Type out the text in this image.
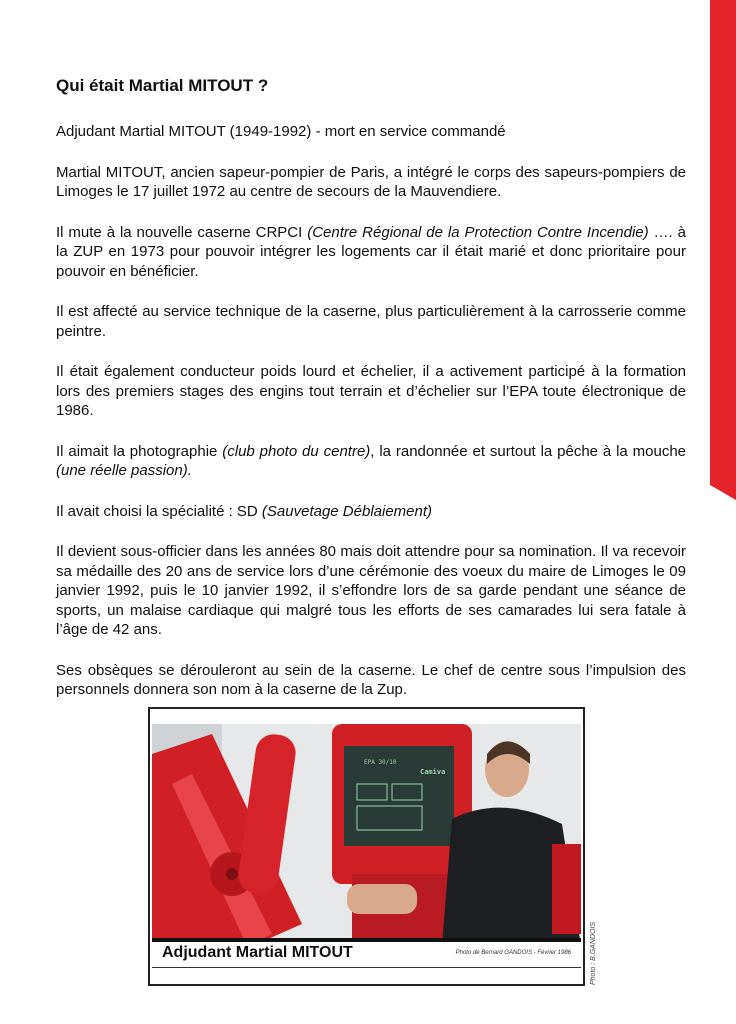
Qui était Martial MITOUT ?

Adjudant Martial MITOUT (1949-1992) - mort en service commandé

Martial MITOUT, ancien sapeur-pompier de Paris, a intégré le corps des sapeurs-pompiers de Limoges le 17 juillet 1972 au centre de secours de la Mauvendiere.

Il mute à la nouvelle caserne CRPCI (Centre Régional de la Protection Contre Incendie) …. à la ZUP en 1973 pour pouvoir intégrer les logements car il était marié et donc prioritaire pour pouvoir en bénéficier.

Il est affecté au service technique de la caserne, plus particulièrement à la carrosserie comme peintre.

Il était également conducteur poids lourd et échelier, il a activement participé à la formation lors des premiers stages des engins tout terrain et d’échelier sur l’EPA toute électronique de 1986.

Il aimait la photographie (club photo du centre), la randonnée et surtout la pêche à la mouche (une réelle passion).

Il avait choisi la spécialité : SD (Sauvetage Déblaiement)

Il devient sous-officier dans les années 80 mais doit attendre pour sa nomination. Il va recevoir sa médaille des 20 ans de service lors d’une cérémonie des voeux du maire de Limoges le 09 janvier 1992, puis le 10 janvier 1992, il s’effondre lors de sa garde pendant une séance de sports, un malaise cardiaque qui malgré tous les efforts de ses camarades lui sera fatale à l’âge de 42 ans.

Ses obsèques se dérouleront au sein de la caserne. Le chef de centre sous l’impulsion des personnels donnera son nom à la caserne de la Zup.

EPA 30/10
Camiva
Adjudant Martial MITOUT	Photo de Bernard GANDOIS - Février 1986	Photo : B.GANDOIS
